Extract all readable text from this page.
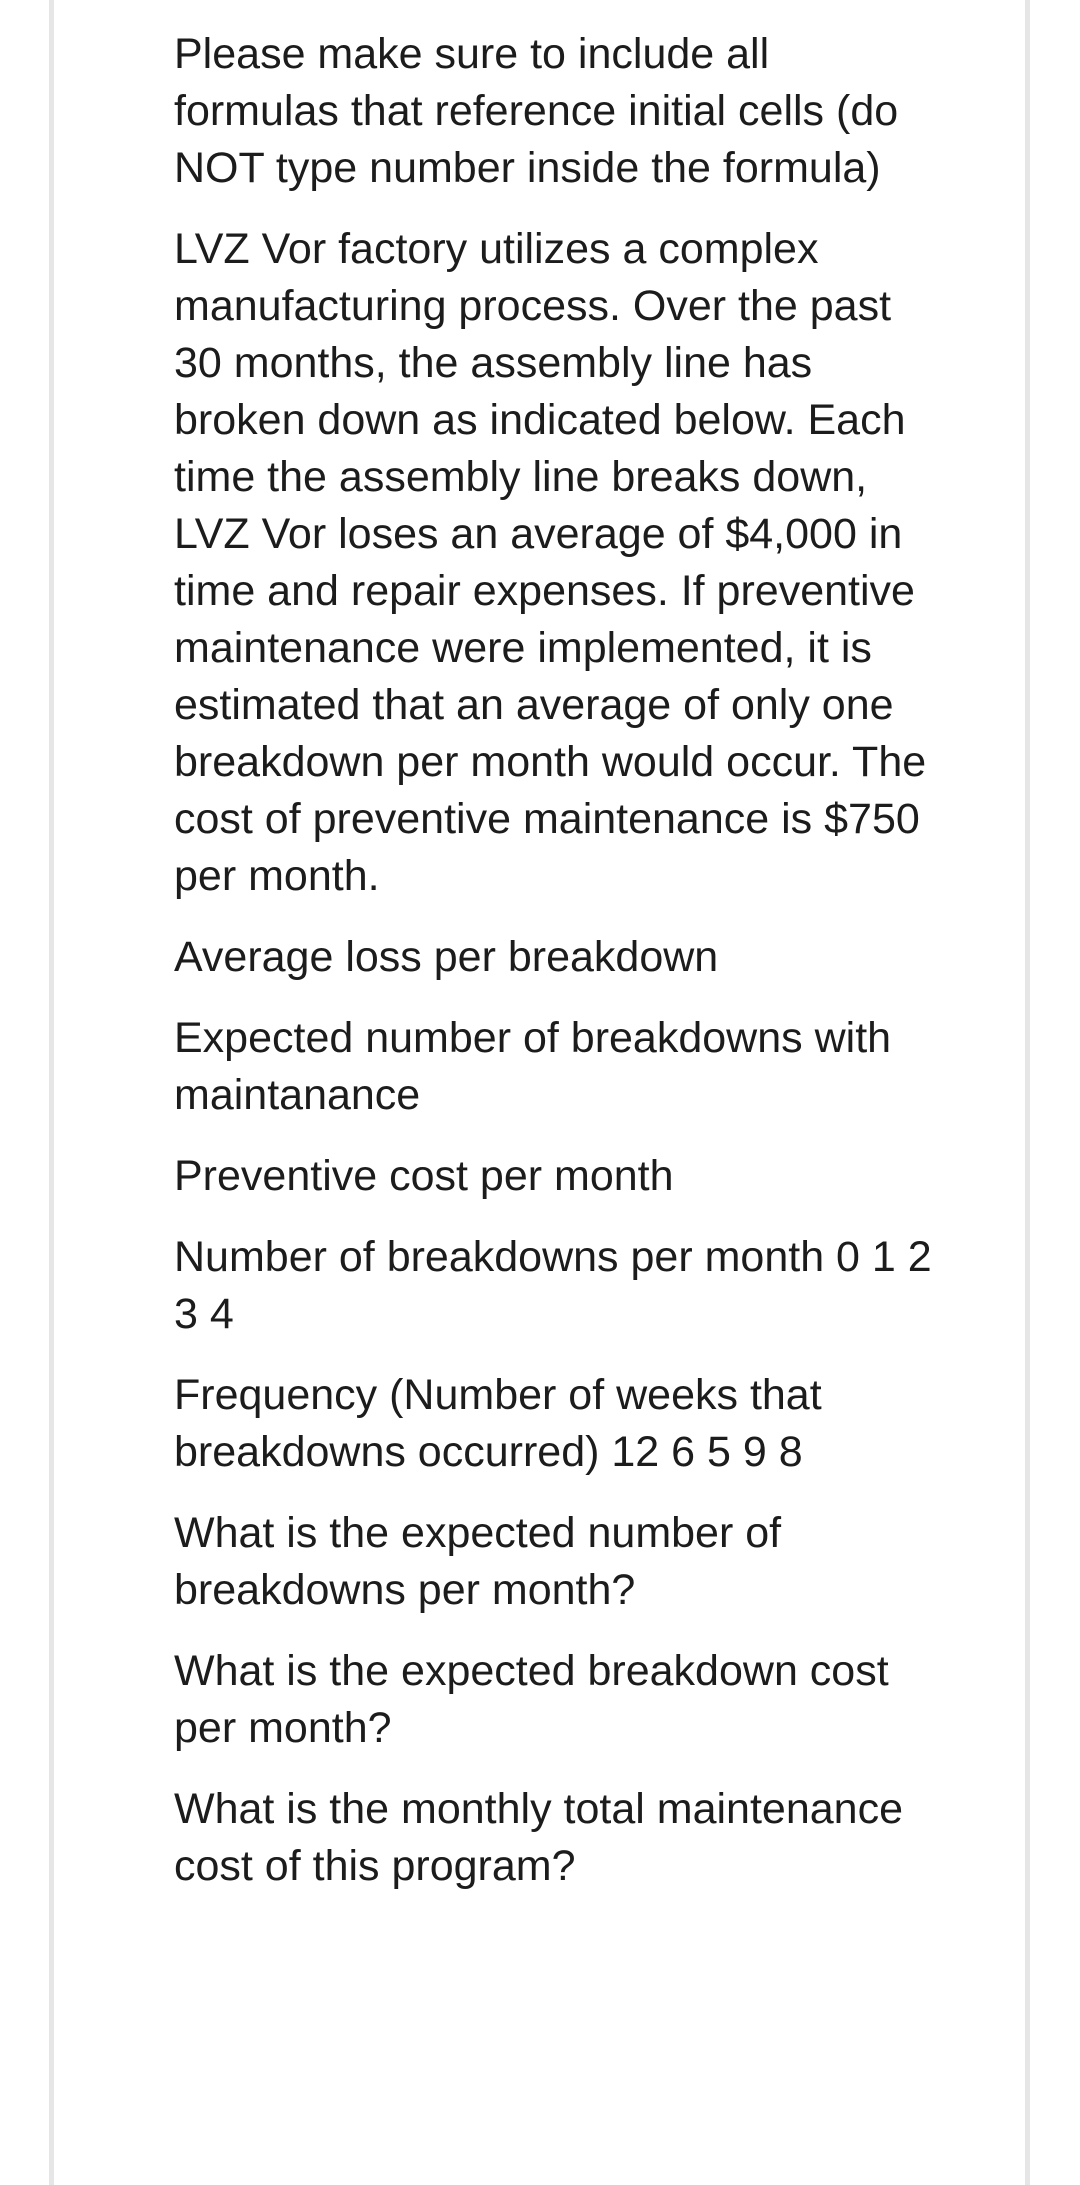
Please make sure to include all formulas that reference initial cells (do NOT type number inside the formula)

LVZ Vor factory utilizes a complex manufacturing process. Over the past 30 months, the assembly line has broken down as indicated below. Each time the assembly line breaks down, LVZ Vor loses an average of $4,000 in time and repair expenses. If preventive maintenance were implemented, it is estimated that an average of only one breakdown per month would occur. The cost of preventive maintenance is $750 per month.

Average loss per breakdown

Expected number of breakdowns with maintanance

Preventive cost per month

Number of breakdowns per month 0 1 2 3 4

Frequency (Number of weeks that breakdowns occurred) 12 6 5 9 8

What is the expected number of breakdowns per month?

What is the expected breakdown cost per month?

What is the monthly total maintenance cost of this program?
